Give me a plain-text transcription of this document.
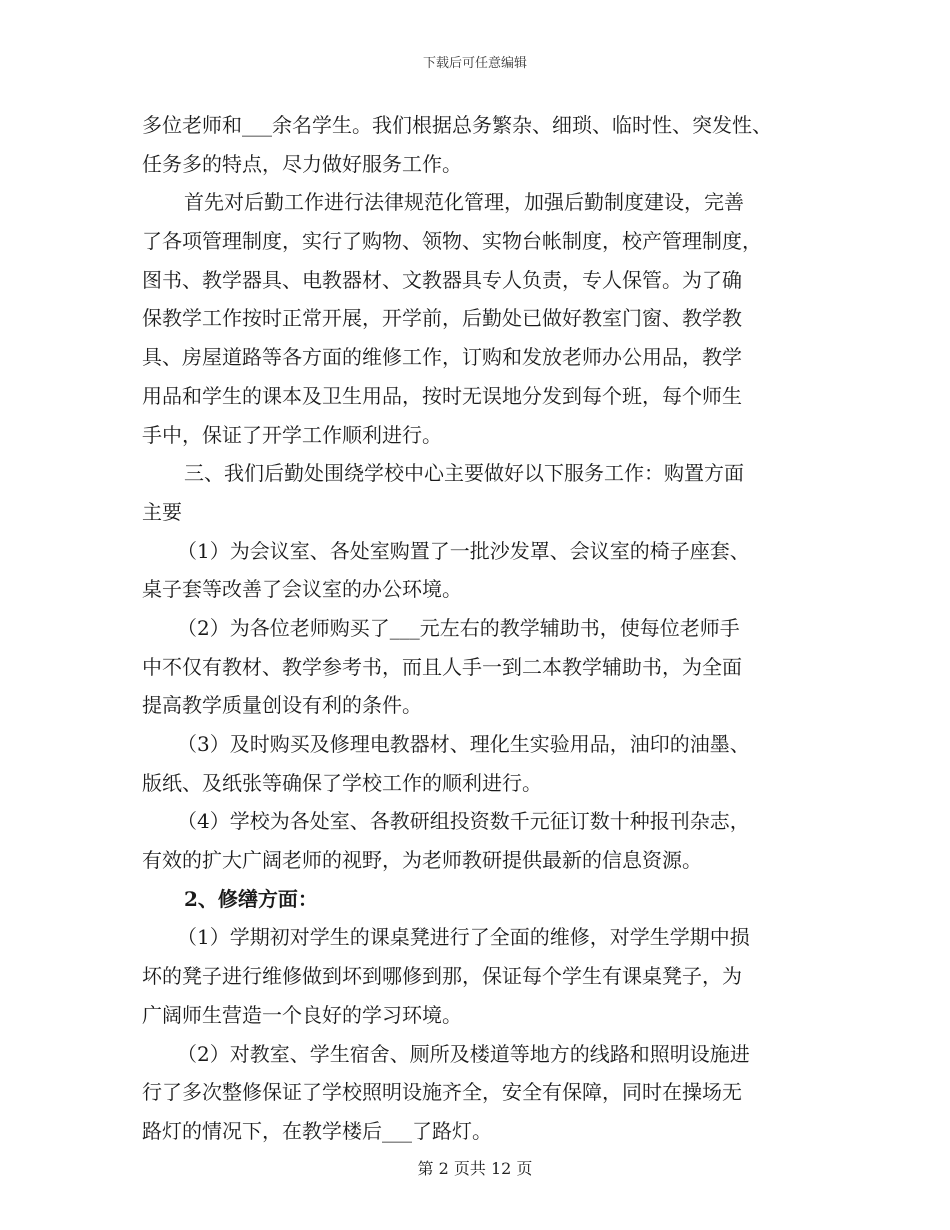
下载后可任意编辑
多位老师和___余名学生。我们根据总务繁杂、细琐、临时性、突发性、
任务多的特点，尽力做好服务工作。
首先对后勤工作进行法律规范化管理，加强后勤制度建设，完善
了各项管理制度，实行了购物、领物、实物台帐制度，校产管理制度，
图书、教学器具、电教器材、文教器具专人负责，专人保管。为了确
保教学工作按时正常开展，开学前，后勤处已做好教室门窗、教学教
具、房屋道路等各方面的维修工作，订购和发放老师办公用品，教学
用品和学生的课本及卫生用品，按时无误地分发到每个班，每个师生
手中，保证了开学工作顺利进行。
三、我们后勤处围绕学校中心主要做好以下服务工作：购置方面
主要
（1）为会议室、各处室购置了一批沙发罩、会议室的椅子座套、
桌子套等改善了会议室的办公环境。
（2）为各位老师购买了___元左右的教学辅助书，使每位老师手
中不仅有教材、教学参考书，而且人手一到二本教学辅助书，为全面
提高教学质量创设有利的条件。
（3）及时购买及修理电教器材、理化生实验用品，油印的油墨、
版纸、及纸张等确保了学校工作的顺利进行。
（4）学校为各处室、各教研组投资数千元征订数十种报刊杂志，
有效的扩大广阔老师的视野，为老师教研提供最新的信息资源。
2、修缮方面：
（1）学期初对学生的课桌凳进行了全面的维修，对学生学期中损
坏的凳子进行维修做到坏到哪修到那，保证每个学生有课桌凳子，为
广阔师生营造一个良好的学习环境。
（2）对教室、学生宿舍、厕所及楼道等地方的线路和照明设施进
行了多次整修保证了学校照明设施齐全，安全有保障，同时在操场无
路灯的情况下，在教学楼后___了路灯。
第 2 页共 12 页
